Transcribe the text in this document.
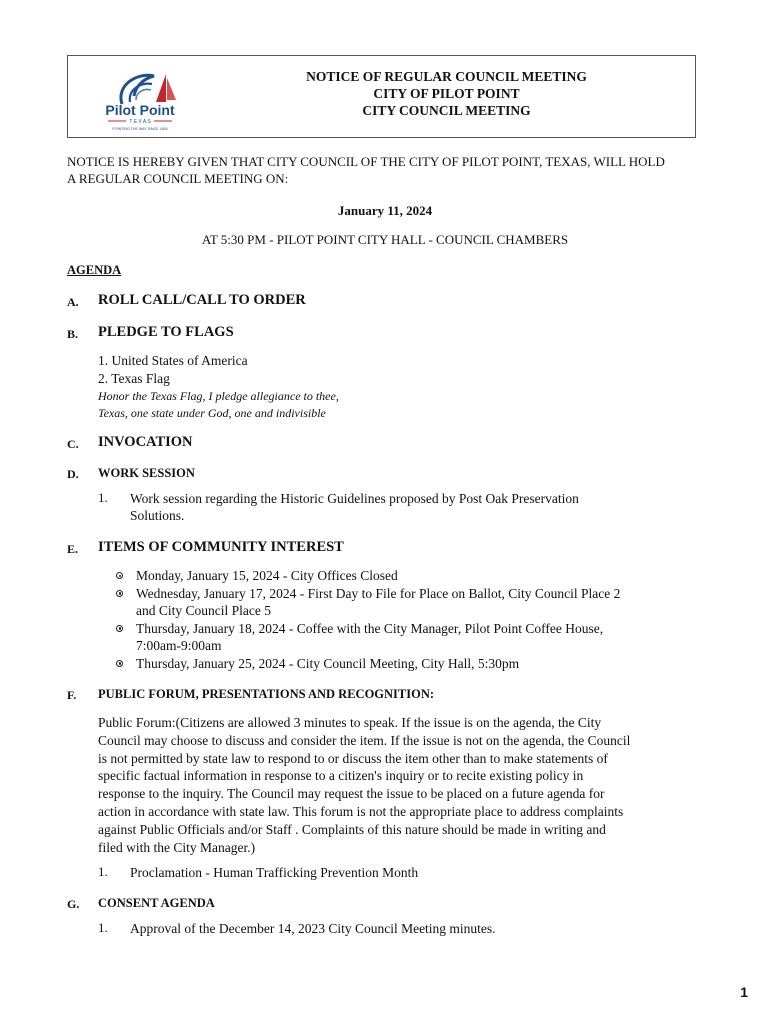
Pilot Point
T E X A S
POINTING THE WAY SINCE 1854
NOTICE OF REGULAR COUNCIL MEETING
CITY OF PILOT POINT
CITY COUNCIL MEETING
NOTICE IS HEREBY GIVEN THAT CITY COUNCIL OF THE CITY OF PILOT POINT, TEXAS, WILL HOLD
A REGULAR COUNCIL MEETING ON:
January 11, 2024
AT 5:30 PM - PILOT POINT CITY HALL - COUNCIL CHAMBERS
AGENDA
A. ROLL CALL/CALL TO ORDER
B. PLEDGE TO FLAGS
1. United States of America
2. Texas Flag
Honor the Texas Flag, I pledge allegiance to thee,
Texas, one state under God, one and indivisible
C. INVOCATION
D. WORK SESSION
1. Work session regarding the Historic Guidelines proposed by Post Oak Preservation
Solutions.
E. ITEMS OF COMMUNITY INTEREST
Monday, January 15, 2024 - City Offices Closed
Wednesday, January 17, 2024 - First Day to File for Place on Ballot, City Council Place 2
and City Council Place 5
Thursday, January 18, 2024 - Coffee with the City Manager, Pilot Point Coffee House,
7:00am-9:00am
Thursday, January 25, 2024 - City Council Meeting, City Hall, 5:30pm
F. PUBLIC FORUM, PRESENTATIONS AND RECOGNITION:
Public Forum:(Citizens are allowed 3 minutes to speak. If the issue is on the agenda, the City
Council may choose to discuss and consider the item. If the issue is not on the agenda, the Council
is not permitted by state law to respond to or discuss the item other than to make statements of
specific factual information in response to a citizen's inquiry or to recite existing policy in
response to the inquiry. The Council may request the issue to be placed on a future agenda for
action in accordance with state law. This forum is not the appropriate place to address complaints
against Public Officials and/or Staff . Complaints of this nature should be made in writing and
filed with the City Manager.)
1. Proclamation - Human Trafficking Prevention Month
G. CONSENT AGENDA
1. Approval of the December 14, 2023 City Council Meeting minutes.
1
